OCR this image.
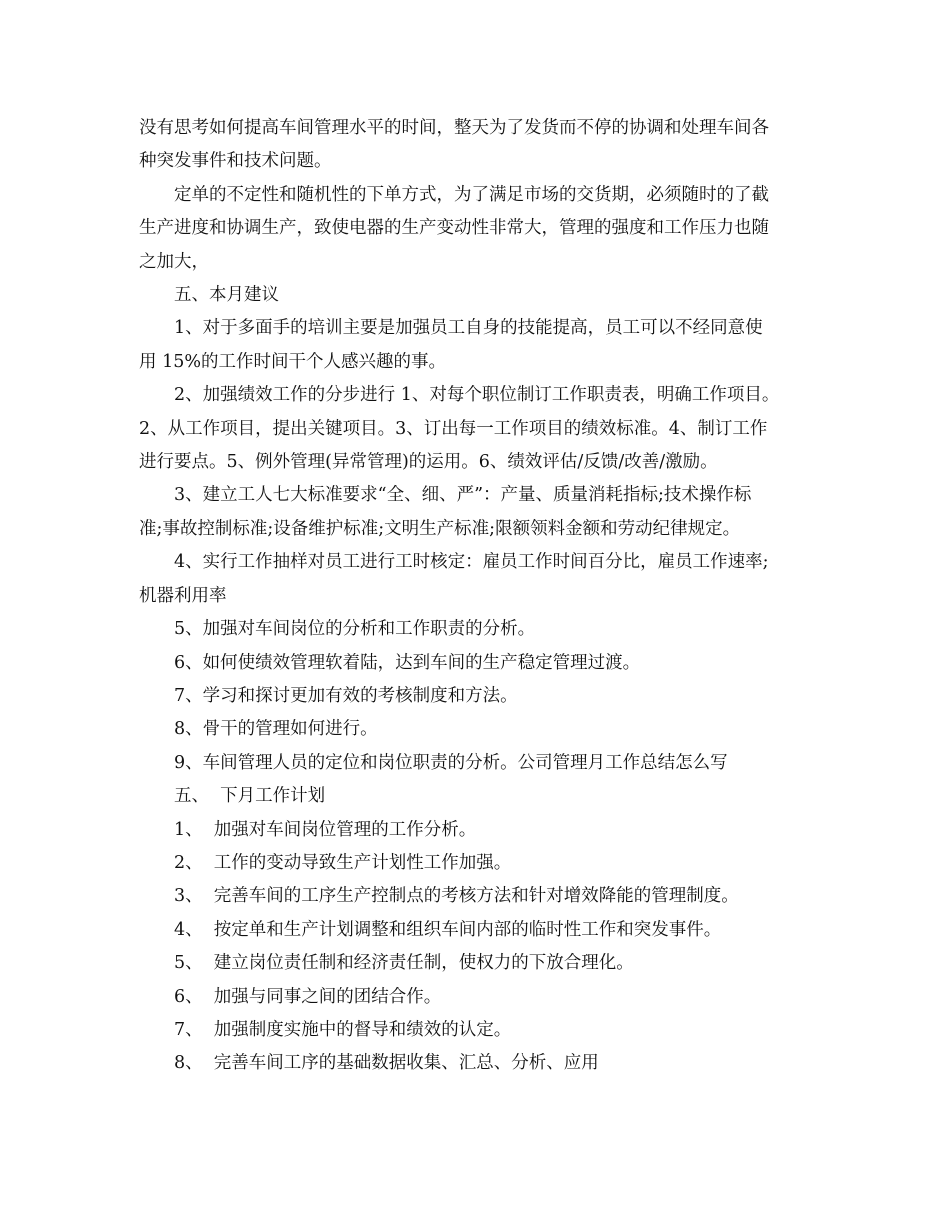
没有思考如何提高车间管理水平的时间，整天为了发货而不停的协调和处理车间各
种突发事件和技术问题。

定单的不定性和随机性的下单方式，为了满足市场的交货期，必须随时的了截
生产进度和协调生产，致使电器的生产变动性非常大，管理的强度和工作压力也随
之加大，

五、本月建议

1、对于多面手的培训主要是加强员工自身的技能提高，员工可以不经同意使
用 15%的工作时间干个人感兴趣的事。

2、加强绩效工作的分步进行 1、对每个职位制订工作职责表，明确工作项目。
2、从工作项目，提出关键项目。3、订出每一工作项目的绩效标准。4、制订工作
进行要点。5、例外管理(异常管理)的运用。6、绩效评估/反馈/改善/激励。

3、建立工人七大标准要求“全、细、严”：产量、质量消耗指标;技术操作标
准;事故控制标准;设备维护标准;文明生产标准;限额领料金额和劳动纪律规定。

4、实行工作抽样对员工进行工时核定：雇员工作时间百分比，雇员工作速率;
机器利用率

5、加强对车间岗位的分析和工作职责的分析。

6、如何使绩效管理软着陆，达到车间的生产稳定管理过渡。

7、学习和探讨更加有效的考核制度和方法。

8、骨干的管理如何进行。

9、车间管理人员的定位和岗位职责的分析。公司管理月工作总结怎么写

五、  下月工作计划

1、  加强对车间岗位管理的工作分析。

2、  工作的变动导致生产计划性工作加强。

3、  完善车间的工序生产控制点的考核方法和针对增效降能的管理制度。

4、  按定单和生产计划调整和组织车间内部的临时性工作和突发事件。

5、  建立岗位责任制和经济责任制，使权力的下放合理化。

6、  加强与同事之间的团结合作。

7、  加强制度实施中的督导和绩效的认定。

8、  完善车间工序的基础数据收集、汇总、分析、应用
